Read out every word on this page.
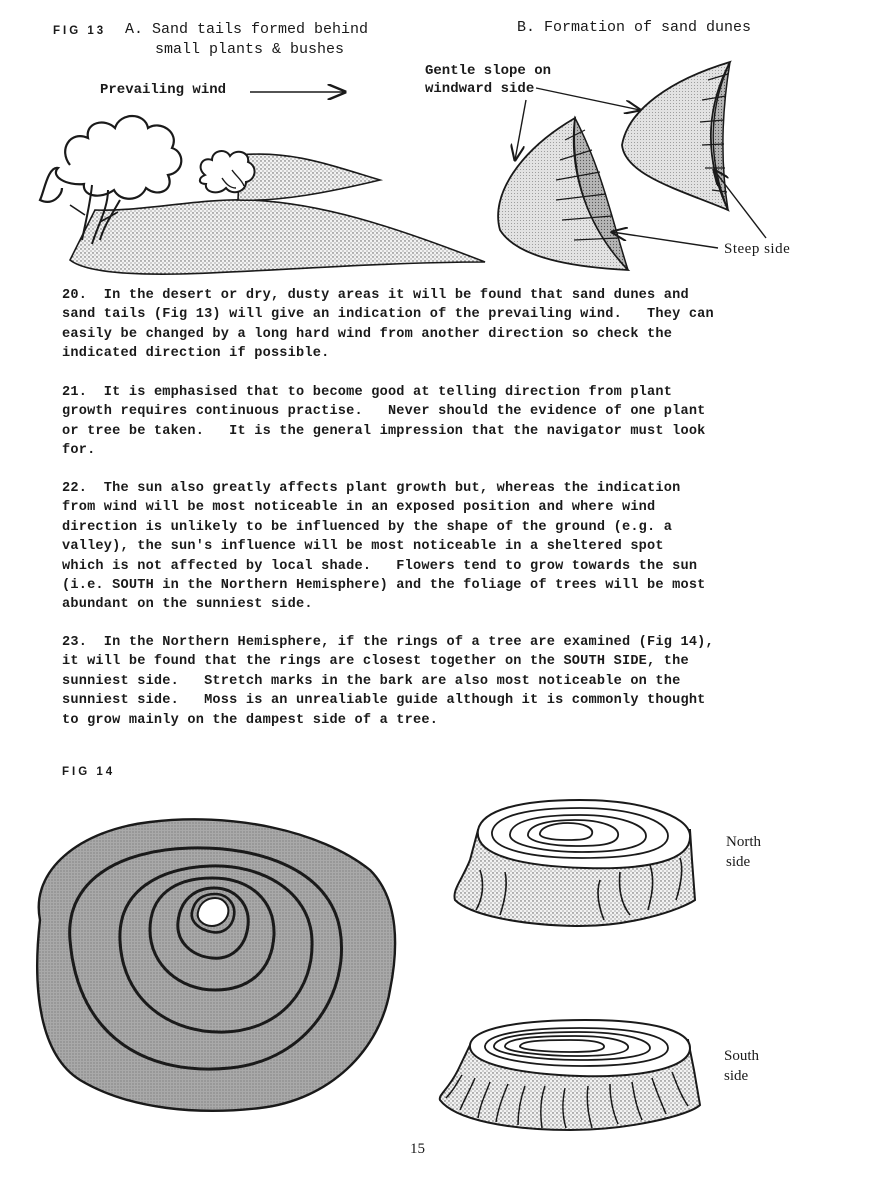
FIG 13 A. Sand tails formed behind
small plants & bushes
B. Formation of sand dunes
Prevailing wind
Gentle slope on
windward side
Steep side
20. In the desert or dry, dusty areas it will be found that sand dunes and
sand tails (Fig 13) will give an indication of the prevailing wind.   They can
easily be changed by a long hard wind from another direction so check the
indicated direction if possible.
21. It is emphasised that to become good at telling direction from plant
growth requires continuous practise.   Never should the evidence of one plant
or tree be taken.   It is the general impression that the navigator must look
for.
22. The sun also greatly affects plant growth but, whereas the indication
from wind will be most noticeable in an exposed position and where wind
direction is unlikely to be influenced by the shape of the ground (e.g. a
valley), the sun's influence will be most noticeable in a sheltered spot
which is not affected by local shade.   Flowers tend to grow towards the sun
(i.e. SOUTH in the Northern Hemisphere) and the foliage of trees will be most
abundant on the sunniest side.
23. In the Northern Hemisphere, if the rings of a tree are examined (Fig 14),
it will be found that the rings are closest together on the SOUTH SIDE, the
sunniest side.   Stretch marks in the bark are also most noticeable on the
sunniest side.   Moss is an unrealiable guide although it is commonly thought
to grow mainly on the dampest side of a tree.
FIG 14
North
side
South
side
15
